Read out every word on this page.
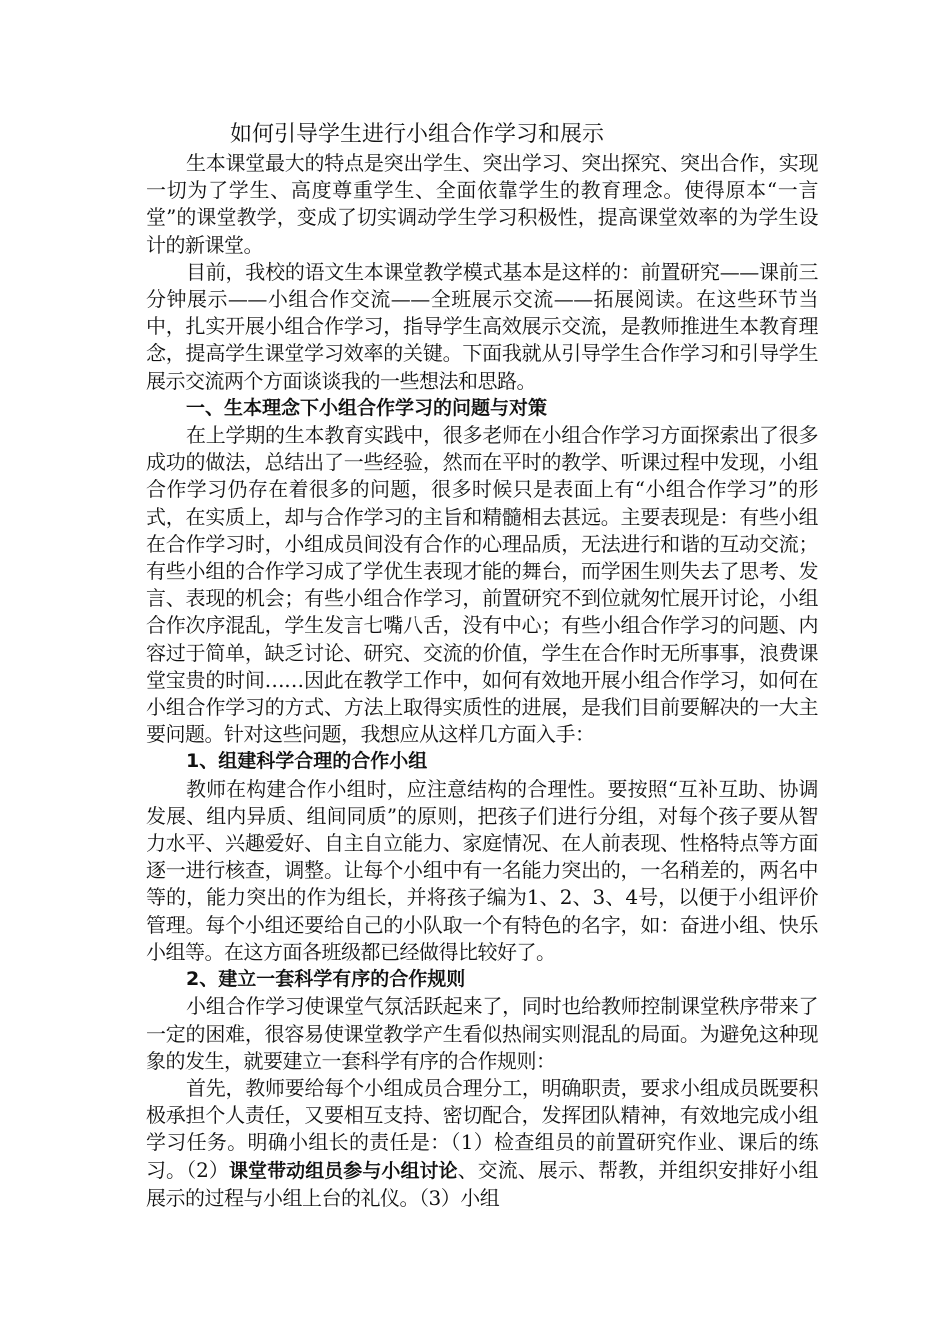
如何引导学生进行小组合作学习和展示

生本课堂最大的特点是突出学生、突出学习、突出探究、突出合作，实现一切为了学生、高度尊重学生、全面依靠学生的教育理念。使得原本“一言堂”的课堂教学，变成了切实调动学生学习积极性，提高课堂效率的为学生设计的新课堂。

目前，我校的语文生本课堂教学模式基本是这样的：前置研究——课前三分钟展示——小组合作交流——全班展示交流——拓展阅读。在这些环节当中，扎实开展小组合作学习，指导学生高效展示交流，是教师推进生本教育理念，提高学生课堂学习效率的关键。下面我就从引导学生合作学习和引导学生展示交流两个方面谈谈我的一些想法和思路。

一、生本理念下小组合作学习的问题与对策

在上学期的生本教育实践中，很多老师在小组合作学习方面探索出了很多成功的做法，总结出了一些经验，然而在平时的教学、听课过程中发现，小组合作学习仍存在着很多的问题，很多时候只是表面上有“小组合作学习”的形式，在实质上，却与合作学习的主旨和精髓相去甚远。主要表现是：有些小组在合作学习时，小组成员间没有合作的心理品质，无法进行和谐的互动交流；有些小组的合作学习成了学优生表现才能的舞台，而学困生则失去了思考、发言、表现的机会；有些小组合作学习，前置研究不到位就匆忙展开讨论，小组合作次序混乱，学生发言七嘴八舌，没有中心；有些小组合作学习的问题、内容过于简单，缺乏讨论、研究、交流的价值，学生在合作时无所事事，浪费课堂宝贵的时间……因此在教学工作中，如何有效地开展小组合作学习，如何在小组合作学习的方式、方法上取得实质性的进展，是我们目前要解决的一大主要问题。针对这些问题，我想应从这样几方面入手：

1、组建科学合理的合作小组

教师在构建合作小组时，应注意结构的合理性。要按照“互补互助、协调发展、组内异质、组间同质”的原则，把孩子们进行分组，对每个孩子要从智力水平、兴趣爱好、自主自立能力、家庭情况、在人前表现、性格特点等方面逐一进行核查，调整。让每个小组中有一名能力突出的，一名稍差的，两名中等的，能力突出的作为组长，并将孩子编为1、2、3、4号，以便于小组评价管理。每个小组还要给自己的小队取一个有特色的名字，如：奋进小组、快乐小组等。在这方面各班级都已经做得比较好了。

2、建立一套科学有序的合作规则

小组合作学习使课堂气氛活跃起来了，同时也给教师控制课堂秩序带来了一定的困难，很容易使课堂教学产生看似热闹实则混乱的局面。为避免这种现象的发生，就要建立一套科学有序的合作规则：

首先，教师要给每个小组成员合理分工，明确职责，要求小组成员既要积极承担个人责任，又要相互支持、密切配合，发挥团队精神，有效地完成小组学习任务。明确小组长的责任是：（1）检查组员的前置研究作业、课后的练习。（2）课堂带动组员参与小组讨论、交流、展示、帮教，并组织安排好小组展示的过程与小组上台的礼仪。（3）小组
